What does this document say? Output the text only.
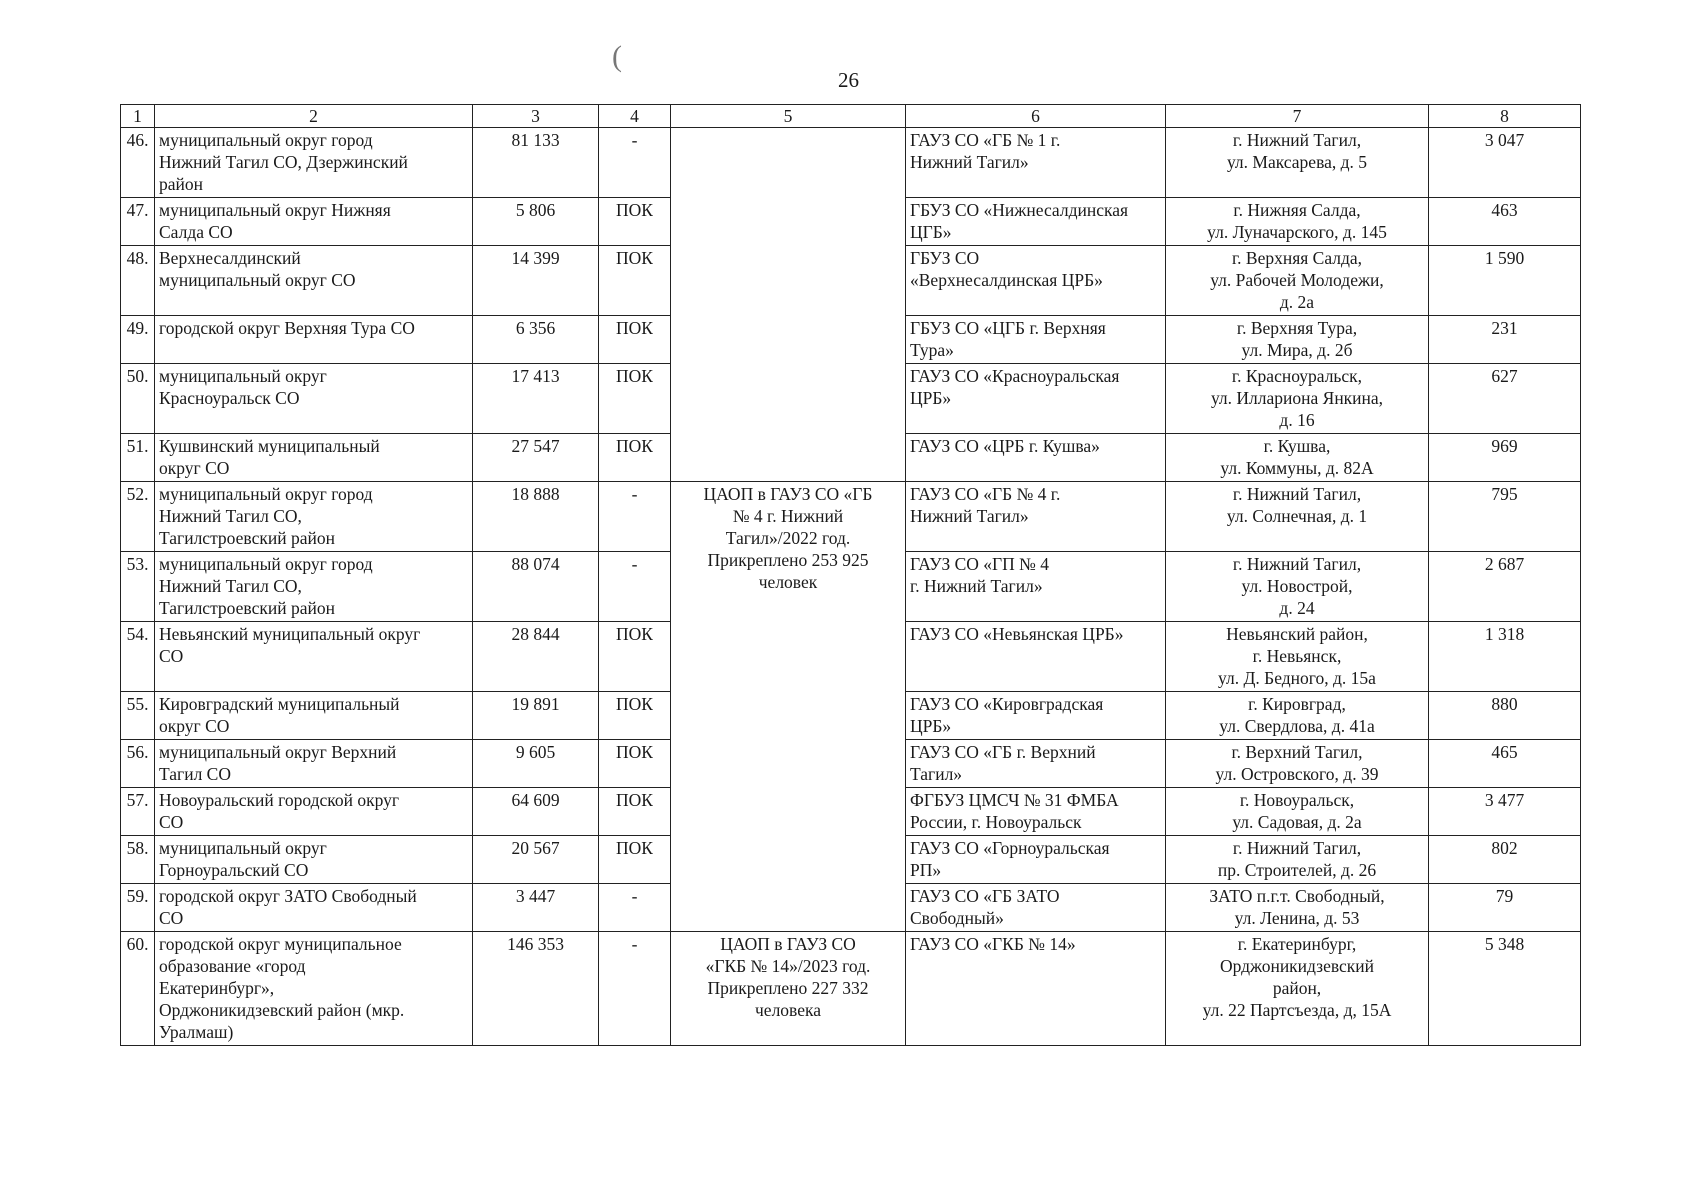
(
26
1	2	3	4	5	6	7	8
46.	муниципальный округ город
Нижний Тагил СО, Дзержинский
район	81 133	-		ГАУЗ СО «ГБ № 1 г.
Нижний Тагил»	г. Нижний Тагил,
ул. Максарева, д. 5	3 047
47.	муниципальный округ Нижняя
Салда СО	5 806	ПОК		ГБУЗ СО «Нижнесалдинская
ЦГБ»	г. Нижняя Салда,
ул. Луначарского, д. 145	463
48.	Верхнесалдинский
муниципальный округ СО	14 399	ПОК		ГБУЗ СО
«Верхнесалдинская ЦРБ»	г. Верхняя Салда,
ул. Рабочей Молодежи,
д. 2а	1 590
49.	городской округ Верхняя Тура СО	6 356	ПОК		ГБУЗ СО «ЦГБ г. Верхняя
Тура»	г. Верхняя Тура,
ул. Мира, д. 2б	231
50.	муниципальный округ
Красноуральск СО	17 413	ПОК		ГАУЗ СО «Красноуральская
ЦРБ»	г. Красноуральск,
ул. Иллариона Янкина,
д. 16	627
51.	Кушвинский муниципальный
округ СО	27 547	ПОК		ГАУЗ СО «ЦРБ г. Кушва»	г. Кушва,
ул. Коммуны, д. 82А	969
52.	муниципальный округ город
Нижний Тагил СО,
Тагилстроевский район	18 888	-	ЦАОП в ГАУЗ СО «ГБ
№ 4 г. Нижний
Тагил»/2022 год.
Прикреплено 253 925
человек	ГАУЗ СО «ГБ № 4 г.
Нижний Тагил»	г. Нижний Тагил,
ул. Солнечная, д. 1	795
53.	муниципальный округ город
Нижний Тагил СО,
Тагилстроевский район	88 074	-		ГАУЗ СО «ГП № 4
г. Нижний Тагил»	г. Нижний Тагил,
ул. Новострой,
д. 24	2 687
54.	Невьянский муниципальный округ
СО	28 844	ПОК		ГАУЗ СО «Невьянская ЦРБ»	Невьянский район,
г. Невьянск,
ул. Д. Бедного, д. 15а	1 318
55.	Кировградский муниципальный
округ СО	19 891	ПОК		ГАУЗ СО «Кировградская
ЦРБ»	г. Кировград,
ул. Свердлова, д. 41а	880
56.	муниципальный округ Верхний
Тагил СО	9 605	ПОК		ГАУЗ СО «ГБ г. Верхний
Тагил»	г. Верхний Тагил,
ул. Островского, д. 39	465
57.	Новоуральский городской округ
СО	64 609	ПОК		ФГБУЗ ЦМСЧ № 31 ФМБА
России, г. Новоуральск	г. Новоуральск,
ул. Садовая, д. 2а	3 477
58.	муниципальный округ
Горноуральский СО	20 567	ПОК		ГАУЗ СО «Горноуральская
РП»	г. Нижний Тагил,
пр. Строителей, д. 26	802
59.	городской округ ЗАТО Свободный
СО	3 447	-		ГАУЗ СО «ГБ ЗАТО
Свободный»	ЗАТО п.г.т. Свободный,
ул. Ленина, д. 53	79
60.	городской округ муниципальное
образование «город
Екатеринбург»,
Орджоникидзевский район (мкр.
Уралмаш)	146 353	-	ЦАОП в ГАУЗ СО
«ГКБ № 14»/2023 год.
Прикреплено 227 332
человека	ГАУЗ СО «ГКБ № 14»	г. Екатеринбург,
Орджоникидзевский
район,
ул. 22 Партсъезда, д, 15А	5 348
